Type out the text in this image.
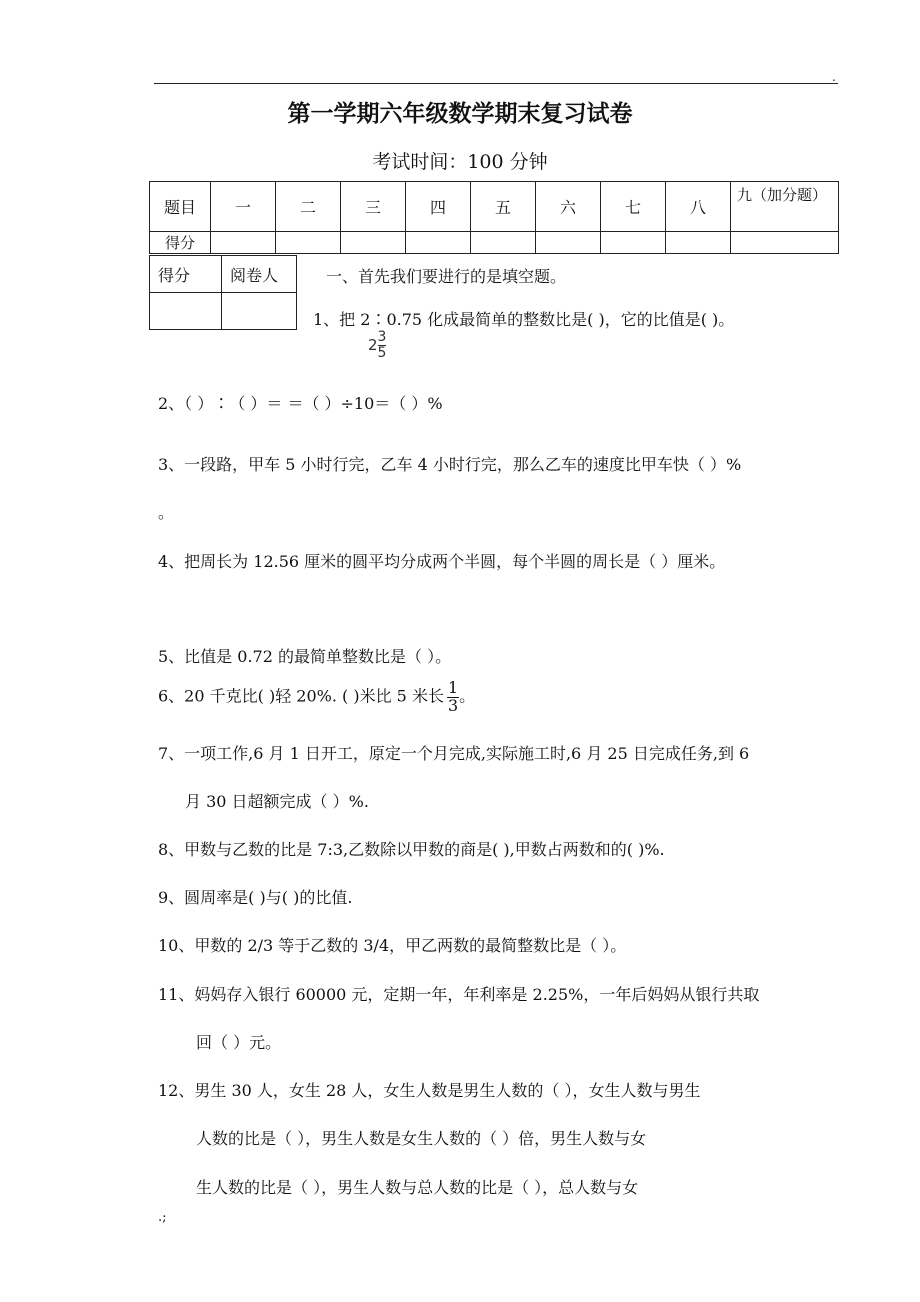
.
第一学期六年级数学期末复习试卷
考试时间：100 分钟
题目	一	二	三	四	五	六	七	八	九（加分题）
得分									
得分	阅卷人
		一、首先我们要进行的是填空题。
1、把 2∶0.75 化成最简单的整数比是( )，它的比值是( )。
$2 \frac{3}{5}$
2、（ ）∶（ ）＝ ＝（ ）÷10＝（ ）%
3、一段路，甲车 5 小时行完，乙车 4 小时行完，那么乙车的速度比甲车快（ ）%
。
4、把周长为 12.56 厘米的圆平均分成两个半圆，每个半圆的周长是（ ）厘米。
5、比值是 0.72 的最简单整数比是（ ）。
6、20 千克比( )轻 20%. ( )米比 5 米长 $\frac{1}{3}$ 。
7、一项工作,6 月 1 日开工，原定一个月完成,实际施工时,6 月 25 日完成任务,到 6
月 30 日超额完成（ ）%.
8、甲数与乙数的比是 7:3,乙数除以甲数的商是( ),甲数占两数和的( )%.
9、圆周率是( )与( )的比值.
10、甲数的 2/3 等于乙数的 3/4，甲乙两数的最简整数比是（ ）。
11、妈妈存入银行 60000 元，定期一年，年利率是 2.25%，一年后妈妈从银行共取
回（ ）元。
12、男生 30 人，女生 28 人，女生人数是男生人数的（ ），女生人数与男生
人数的比是（ ），男生人数是女生人数的（ ）倍，男生人数与女
生人数的比是（ ），男生人数与总人数的比是（ ），总人数与女
.;
